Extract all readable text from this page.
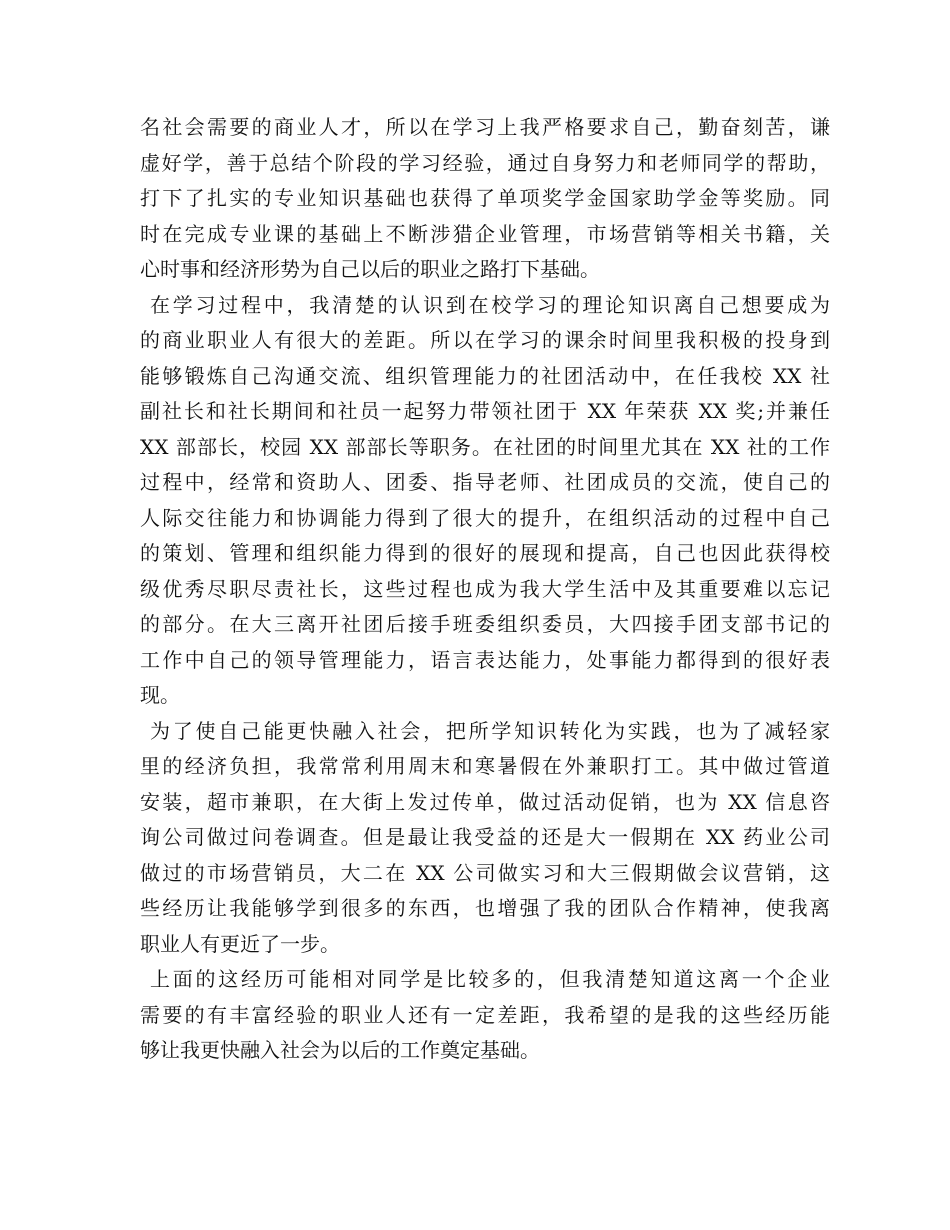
名社会需要的商业人才，所以在学习上我严格要求自己，勤奋刻苦，谦
虚好学，善于总结个阶段的学习经验，通过自身努力和老师同学的帮助，
打下了扎实的专业知识基础也获得了单项奖学金国家助学金等奖励。同
时在完成专业课的基础上不断涉猎企业管理，市场营销等相关书籍，关
心时事和经济形势为自己以后的职业之路打下基础。

在学习过程中，我清楚的认识到在校学习的理论知识离自己想要成为
的商业职业人有很大的差距。所以在学习的课余时间里我积极的投身到
能够锻炼自己沟通交流、组织管理能力的社团活动中，在任我校 XX 社
副社长和社长期间和社员一起努力带领社团于 XX 年荣获 XX 奖;并兼任
XX 部部长，校园 XX 部部长等职务。在社团的时间里尤其在 XX 社的工作
过程中，经常和资助人、团委、指导老师、社团成员的交流，使自己的
人际交往能力和协调能力得到了很大的提升，在组织活动的过程中自己
的策划、管理和组织能力得到的很好的展现和提高，自己也因此获得校
级优秀尽职尽责社长，这些过程也成为我大学生活中及其重要难以忘记
的部分。在大三离开社团后接手班委组织委员，大四接手团支部书记的
工作中自己的领导管理能力，语言表达能力，处事能力都得到的很好表
现。

为了使自己能更快融入社会，把所学知识转化为实践，也为了减轻家
里的经济负担，我常常利用周末和寒暑假在外兼职打工。其中做过管道
安装，超市兼职，在大街上发过传单，做过活动促销，也为 XX 信息咨
询公司做过问卷调查。但是最让我受益的还是大一假期在 XX 药业公司
做过的市场营销员，大二在 XX 公司做实习和大三假期做会议营销，这
些经历让我能够学到很多的东西，也增强了我的团队合作精神，使我离
职业人有更近了一步。

上面的这经历可能相对同学是比较多的，但我清楚知道这离一个企业
需要的有丰富经验的职业人还有一定差距，我希望的是我的这些经历能
够让我更快融入社会为以后的工作奠定基础。
